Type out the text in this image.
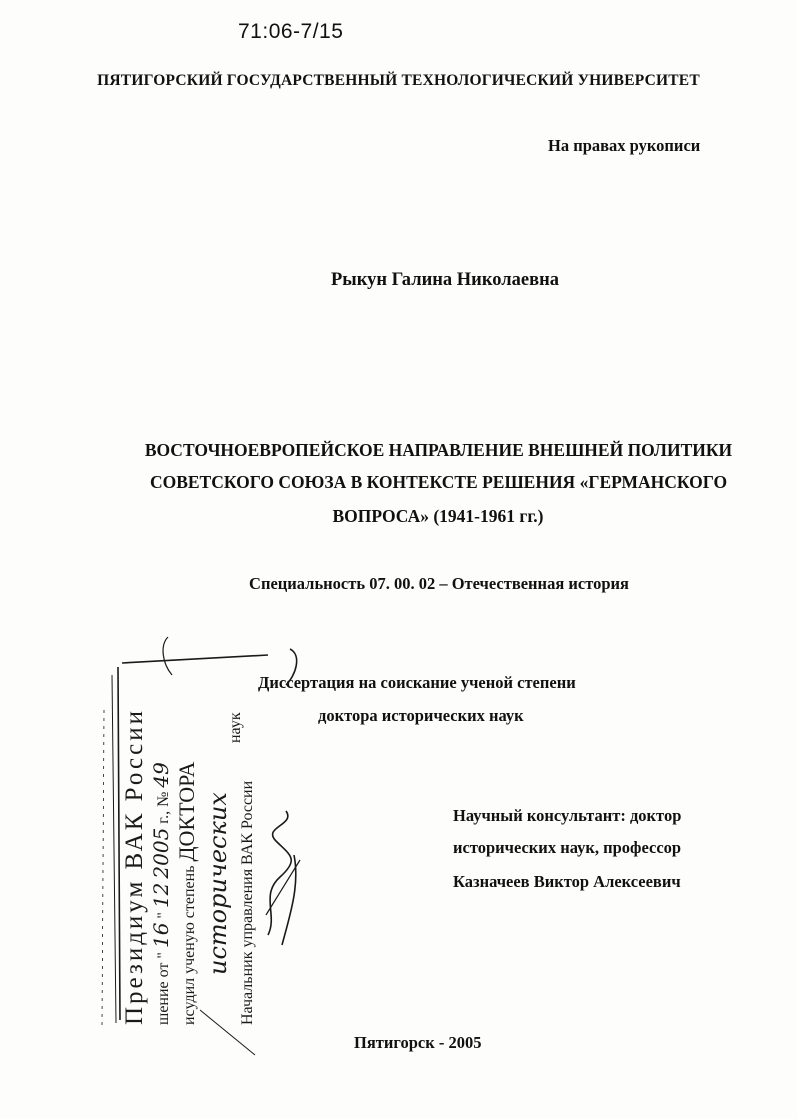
71:06-7/15
ПЯТИГОРСКИЙ ГОСУДАРСТВЕННЫЙ ТЕХНОЛОГИЧЕСКИЙ УНИВЕРСИТЕТ
На правах рукописи
Рыкун Галина Николаевна
ВОСТОЧНОЕВРОПЕЙСКОЕ НАПРАВЛЕНИЕ ВНЕШНЕЙ ПОЛИТИКИ
СОВЕТСКОГО СОЮЗА В КОНТЕКСТЕ РЕШЕНИЯ «ГЕРМАНСКОГО
ВОПРОСА» (1941-1961 гг.)
Специальность 07. 00. 02 – Отечественная история
Диссертация на соискание ученой степени
доктора исторических наук
Научный консультант: доктор
исторических наук, профессор
Казначеев Виктор Алексеевич
Пятигорск - 2005
Президиум ВАК России шение от " 16 " 12 2005 г., № 49
исудил ученую степень ДОКТОРА исторических
наук
Начальник управления ВАК России
